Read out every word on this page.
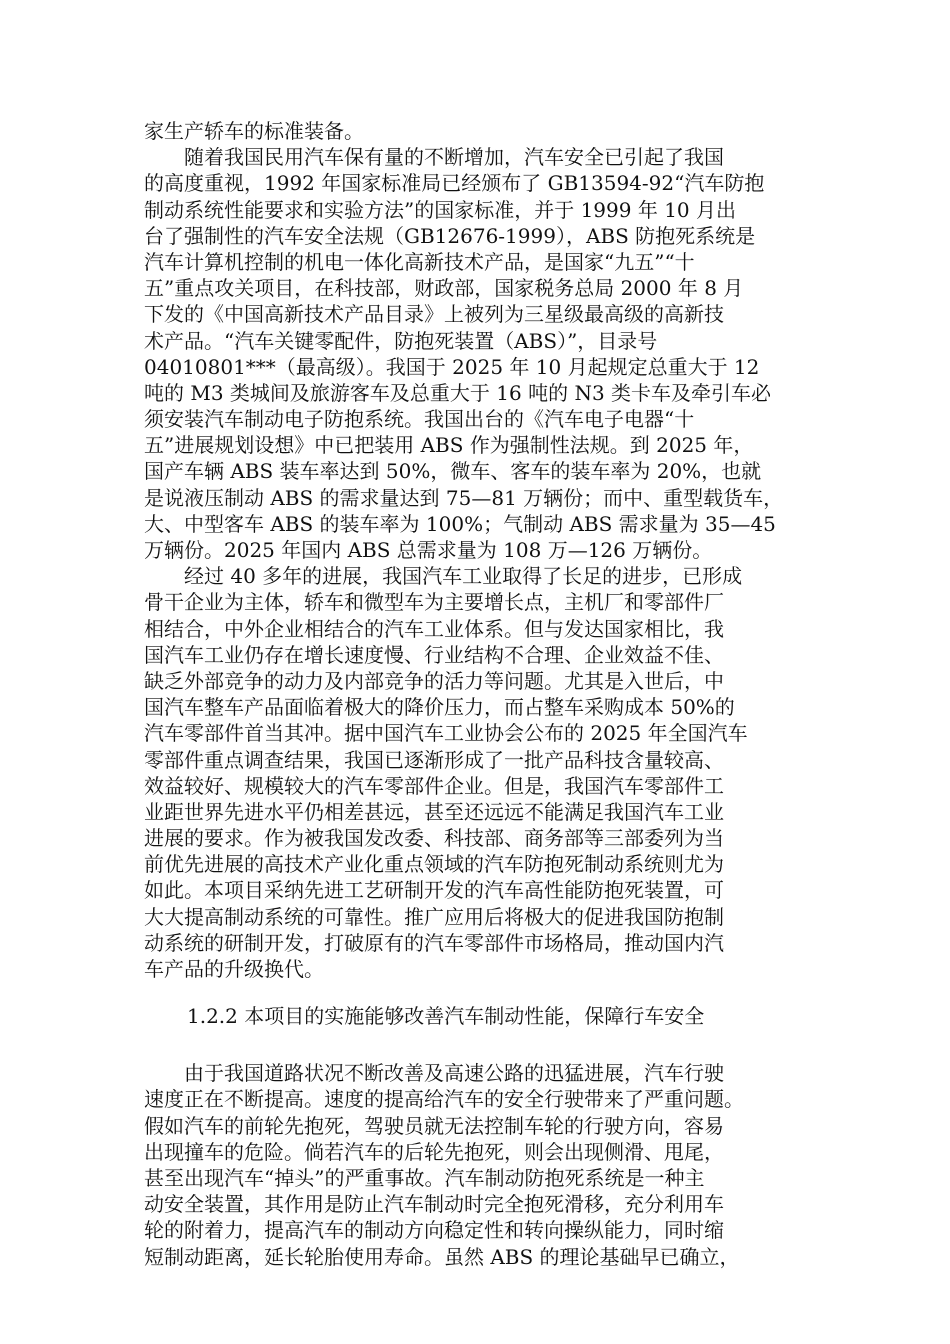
家生产轿车的标准装备。
随着我国民用汽车保有量的不断增加，汽车安全已引起了我国
的高度重视，1992 年国家标准局已经颁布了 GB13594-92“汽车防抱
制动系统性能要求和实验方法”的国家标准，并于 1999 年 10 月出
台了强制性的汽车安全法规（GB12676-1999），ABS 防抱死系统是
汽车计算机控制的机电一体化高新技术产品，是国家“九五”“十
五”重点攻关项目，在科技部，财政部，国家税务总局 2000 年 8 月
下发的《中国高新技术产品目录》上被列为三星级最高级的高新技
术产品。“汽车关键零配件，防抱死装置（ABS）”，目录号
04010801***（最高级）。我国于 2025 年 10 月起规定总重大于 12
吨的 M3 类城间及旅游客车及总重大于 16 吨的 N3 类卡车及牵引车必
须安装汽车制动电子防抱系统。我国出台的《汽车电子电器“十
五”进展规划设想》中已把装用 ABS 作为强制性法规。到 2025 年，
国产车辆 ABS 装车率达到 50%，微车、客车的装车率为 20%，也就
是说液压制动 ABS 的需求量达到 75—81 万辆份；而中、重型载货车，
大、中型客车 ABS 的装车率为 100%；气制动 ABS 需求量为 35—45
万辆份。2025 年国内 ABS 总需求量为 108 万—126 万辆份。
经过 40 多年的进展，我国汽车工业取得了长足的进步，已形成
骨干企业为主体，轿车和微型车为主要增长点，主机厂和零部件厂
相结合，中外企业相结合的汽车工业体系。但与发达国家相比，我
国汽车工业仍存在增长速度慢、行业结构不合理、企业效益不佳、
缺乏外部竞争的动力及内部竞争的活力等问题。尤其是入世后，中
国汽车整车产品面临着极大的降价压力，而占整车采购成本 50%的
汽车零部件首当其冲。据中国汽车工业协会公布的 2025 年全国汽车
零部件重点调查结果，我国已逐渐形成了一批产品科技含量较高、
效益较好、规模较大的汽车零部件企业。但是，我国汽车零部件工
业距世界先进水平仍相差甚远，甚至还远远不能满足我国汽车工业
进展的要求。作为被我国发改委、科技部、商务部等三部委列为当
前优先进展的高技术产业化重点领域的汽车防抱死制动系统则尤为
如此。本项目采纳先进工艺研制开发的汽车高性能防抱死装置，可
大大提高制动系统的可靠性。推广应用后将极大的促进我国防抱制
动系统的研制开发，打破原有的汽车零部件市场格局，推动国内汽
车产品的升级换代。
1.2.2 本项目的实施能够改善汽车制动性能，保障行车安全
由于我国道路状况不断改善及高速公路的迅猛进展，汽车行驶
速度正在不断提高。速度的提高给汽车的安全行驶带来了严重问题。
假如汽车的前轮先抱死，驾驶员就无法控制车轮的行驶方向，容易
出现撞车的危险。倘若汽车的后轮先抱死，则会出现侧滑、甩尾，
甚至出现汽车“掉头”的严重事故。汽车制动防抱死系统是一种主
动安全装置，其作用是防止汽车制动时完全抱死滑移，充分利用车
轮的附着力，提高汽车的制动方向稳定性和转向操纵能力，同时缩
短制动距离，延长轮胎使用寿命。虽然 ABS 的理论基础早已确立，
